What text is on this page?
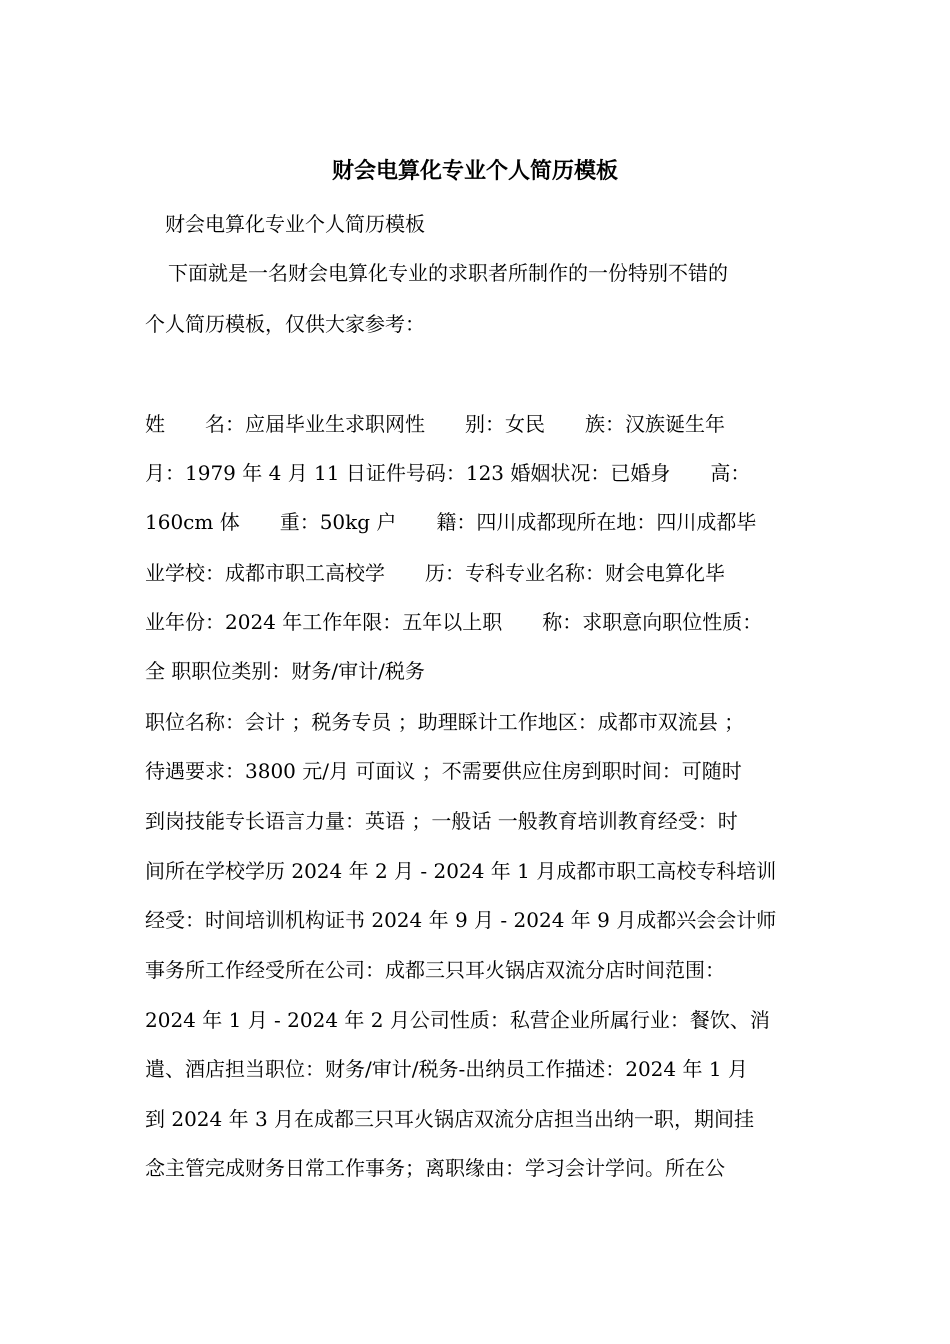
财会电算化专业个人简历模板
财会电算化专业个人简历模板
下面就是一名财会电算化专业的求职者所制作的一份特别不错的
个人简历模板，仅供大家参考：
姓　　名：应届毕业生求职网性　　别：女民　　族：汉族诞生年
月：1979 年 4 月 11 日证件号码：123 婚姻状况：已婚身　　高：
160cm 体　　重：50kg 户　　籍：四川成都现所在地：四川成都毕
业学校：成都市职工高校学　　历：专科专业名称：财会电算化毕
业年份：2024 年工作年限：五年以上职　　称：求职意向职位性质：
全 职职位类别：财务/审计/税务
职位名称：会计 ；税务专员 ；助理睬计工作地区：成都市双流县 ；
待遇要求：3800 元/月 可面议 ；不需要供应住房到职时间：可随时
到岗技能专长语言力量：英语 ；一般话 一般教育培训教育经受：时
间所在学校学历 2024 年 2 月 - 2024 年 1 月成都市职工高校专科培训
经受：时间培训机构证书 2024 年 9 月 - 2024 年 9 月成都兴会会计师
事务所工作经受所在公司：成都三只耳火锅店双流分店时间范围：
2024 年 1 月 - 2024 年 2 月公司性质：私营企业所属行业：餐饮、消
遣、酒店担当职位：财务/审计/税务-出纳员工作描述：2024 年 1 月
到 2024 年 3 月在成都三只耳火锅店双流分店担当出纳一职，期间挂
念主管完成财务日常工作事务；离职缘由：学习会计学问。所在公
